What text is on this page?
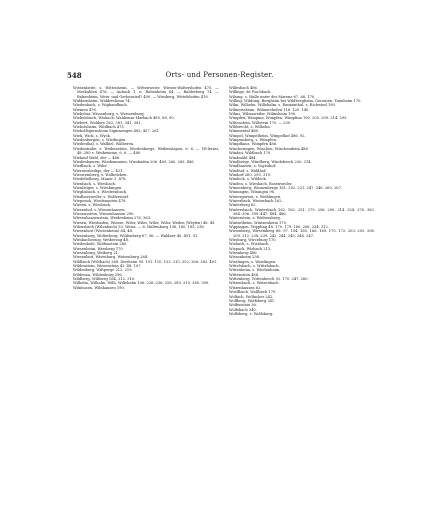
548	Orts- und Personen-Register.

Wiesenbeite, s. Wittenheim, — Wittenweier, Wiesen-Waltershofen 475. — Merkuhlen 476. — Aubach 1, n. Bubenheim 64. — Bulderberg 74. — Bubenheim, Wein- und Gerbenried? 490. — Wiesberg, Wittelshofen 476.

Widdernheim, Widdersheim 74.

Wiedenbach, s. Wigbandbach.

Wiemen 476.

Wiebelmi, Wissenburg, s. Weissenburg.

Wiebelsbach, Wisbach, Waldemar Marbach 485. 86, 90.

Wiebert, Widdere 362, 381, 341, 381.

Wiebolsheim, Wildbach 475.

Wiebolfsgernsheim Sigmaringen 482; 457. 261.

Wieh, Wick, s. Wyck.

Wiedenbergen, s. Wiedingen.

Wiedenthal, s. Walbiel, Walberen.

Wiedentrabe, s. Weibenstein, Werdenberge, Weibesslapen, 6. 6. — Vil-lerasi, 48, 285 s. Weibeneine, 6. 6. — 480.

Wieland Wald, der — 486.

Wiedenbaeren, Wiedemnaten, Wiesbaden 206. 469. 260. 269. 486.

Wiedbach, s. Wibe.

Wieratosheiligs, der — 421.

Wiesweinberg, s. Wolbeleben.

Wiedeltelberg, Mauer 1. 476.

Wienbach, s. Wiesbach.

Wienbeiger, s. Wiesbingen.

Wieglisbach, s. Wiedeenbach.

Wiedbersweiler, s. Wolferstorf.

Wiepenoh, Wiedenauten 478.

Wiesen, s. Wiesbach.

Wiesenhof, s. Wiesenhausen.

Wiesensstein, Wiesenhausen 290.

Wiesenhausenstein, Weidenheim 276, 363.

Wiesen, Wiesbaden, Wiesse, Wiler, Wiler, Wiler, Wiler, Weilen (Weylen) 48. 49.

Wilensbach (Wilenbach) 53. Weiss. — 6. Waltenburg 136, 180, 185, 236.

Wiesenheit (Wiesenheim) 64. 48.

Wiesenborg, Wolterborg, Wildenberg 67. 96. — Waldner 40. 491. 91.

Wiesbacherzog, Weiberzog 48.

Wiedenhofe, Wolfenstein 260.

Wiesenheim, Wiesberg 170.

Wiesenburg, Weiberg 21.

Wiesenbeit, Wisenburg, Weisenburg 264.

Wildbach (Wiltbach) 288. Diezheim 95. 101. 110. 133. 215. 252. 268. 383. 401.

Wildenstein, Weisenstein 42. 48. 107.

Wildenberg, Wiltperge 212. 219.

Wildenau, Wildenburg 296.

Wildberg, Wiltberg 164, 212. 310.

Wilhelm, Wilhalm, Willi, Willehalm 106. 226. 236. 258. 289. 310. 360. 399.

Wilnhusen, Wilnhausen 190.

Willesbach 486.

Willinge, de Fischbach.

Wilsing, s. Walle unter der Marene 67. 68. 170.

Willing, Wildung, Bergheim bei Wildbergheim, Gereuten, Tannheim 170.

Wilm, Wilhelm, Willehalm, s. Emmenthal, s. Richwind 190.

Wilmertsheim, Wilmershofen 116. 120. 140.

Wilms, Wilmsweiler, Wilmsheim 190.

Wimpfen, Wimpina, Wimpfen, Wimpfina 190. 205. 209. 214. 295.

Wiltenstein, Wiltstein 170. — 230.

Wiltbrecht, s. Wilhelm.

Wimmental 486.

Wimpel, Wimpelheim, Wimpelhof 486. 92.

Wimpinsberg, s. Wimpfen.

Wimpfhaus, Wimpfen 486.

Wincheringen, Winchen, Winchendeim 486.

Windau, Wildbach 170.

Windmühl 484.

Windberge, Windberg, Windeberch 230. 314.

Windhausen, s. Vogtsdorf.

Windhof, s. Waldhof.

Windorf 260. 295. 319.

Windeck, s. Wildeck.

Winden, s. Wiesbach, Rosenweiler.

Winnenberg, Winnenberge 161. 202. 221. 247. 248. 260. 267.

Winningen, Winingen 96.

Wintergarten, s. Weiblingen.

Winterbach, Winterbach 162.

Winterberg 62.

Wintersbach, Winterbach 162. 162. 251. 279. 256. 290. 314. 324. 376. 383. 384. 396. 399. 447. 484. 486.

Winterstein, s. Weibersberg.

Wintzelheim, Wintzenheim 170.

Wippingen, Wippling 48. 170. 179. 180. 206. 234. 312.

Wirtenberg, Wirtemberg 68. 97. 104. 165. 166. 169. 170. 172. 203. 205. 206. 209. 212. 238. 239. 242. 244. 245. 246. 247.

Wirzburg, Wirceburg 170.

Wisbach, s. Wiesbach.

Wispach, Wisbach 213.

Wisenberg 486.

Wissenheim 238.

Wisslingen, s. Weislingen.

Wittelsbach, s. Wittelsbach.

Wittenheim, s. Wiedenheim.

Wittenstein 486.

Wittenberg, Wittenberch 92. 170. 247. 260.

Witzenbach, s. Weizenbach.

Witzenhausen 62.

Woelfbach, Wolfbach 170.

Wolfach, Wolfacher 242.

Wolfberg, Wolfsberg 341.

Wolfenstein 80.

Wolfsbach 340.

Wolfsberg, s. Wolfsburg.
